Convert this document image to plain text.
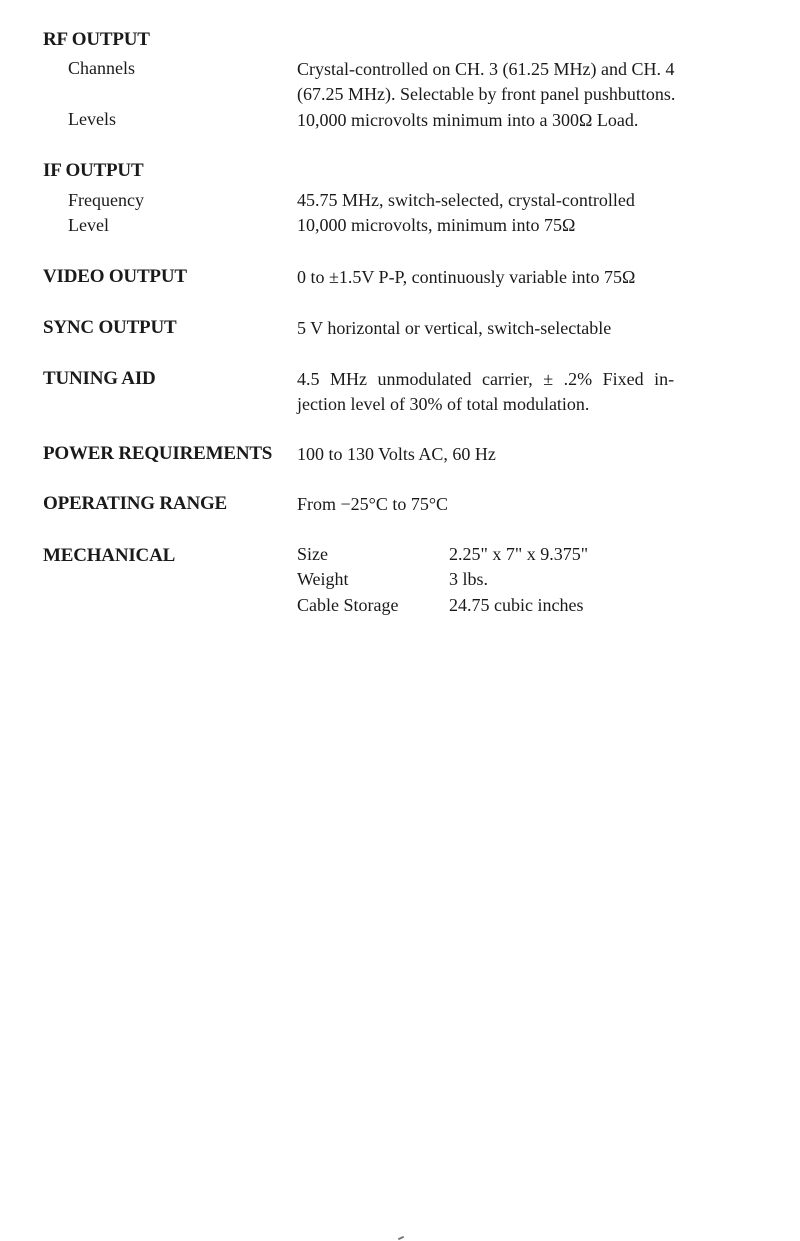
RF OUTPUT
Channels	Crystal-controlled on CH. 3 (61.25 MHz) and CH. 4
(67.25 MHz). Selectable by front panel pushbuttons.
Levels	10,000 microvolts minimum into a 300Ω Load.
IF OUTPUT
Frequency	45.75 MHz, switch-selected, crystal-controlled
Level	10,000 microvolts, minimum into 75Ω
VIDEO OUTPUT	0 to ±1.5V P-P, continuously variable into 75Ω
SYNC OUTPUT	5 V horizontal or vertical, switch-selectable
TUNING AID	4.5 MHz unmodulated carrier, ± .2% Fixed in-
jection level of 30% of total modulation.
POWER REQUIREMENTS 100 to 130 Volts AC, 60 Hz
OPERATING RANGE	From −25°C to 75°C
MECHANICAL	Size	2.25" x 7" x 9.375"
Weight	3 lbs.
Cable Storage	24.75 cubic inches
